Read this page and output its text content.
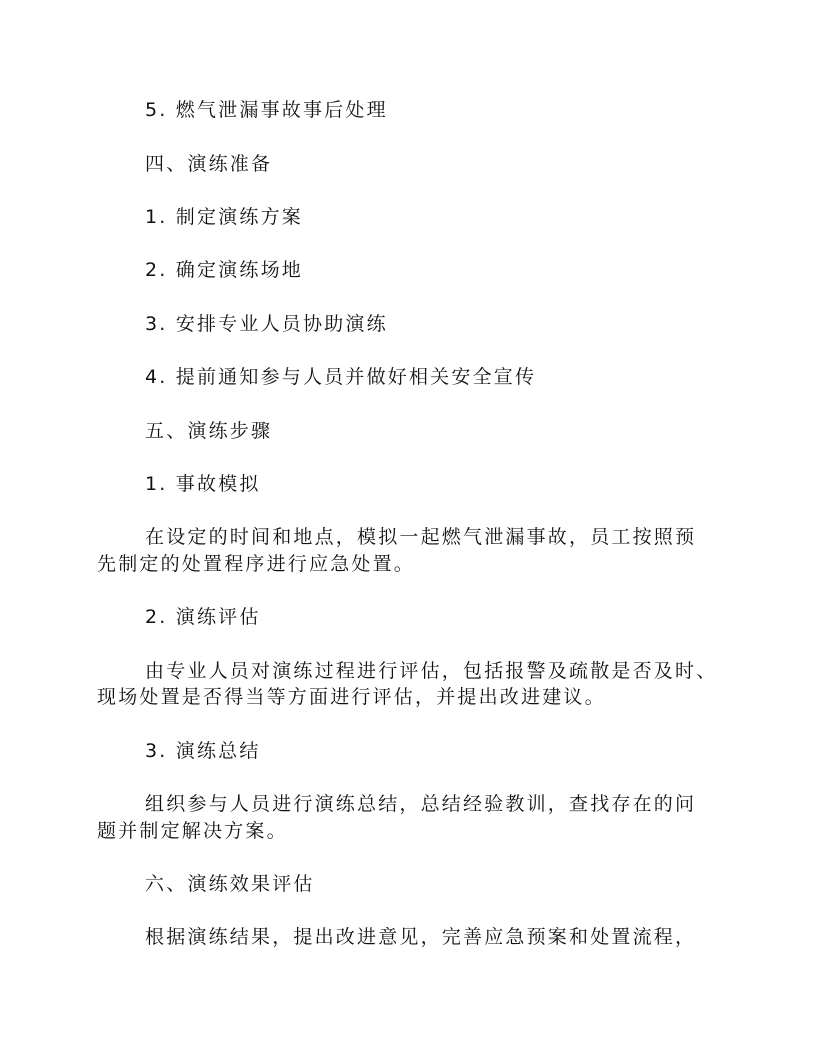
5. 燃气泄漏事故事后处理
四、演练准备
1. 制定演练方案
2. 确定演练场地
3. 安排专业人员协助演练
4. 提前通知参与人员并做好相关安全宣传
五、演练步骤
1. 事故模拟
在设定的时间和地点，模拟一起燃气泄漏事故，员工按照预
先制定的处置程序进行应急处置。
2. 演练评估
由专业人员对演练过程进行评估，包括报警及疏散是否及时、
现场处置是否得当等方面进行评估，并提出改进建议。
3. 演练总结
组织参与人员进行演练总结，总结经验教训，查找存在的问
题并制定解决方案。
六、演练效果评估
根据演练结果，提出改进意见，完善应急预案和处置流程，
